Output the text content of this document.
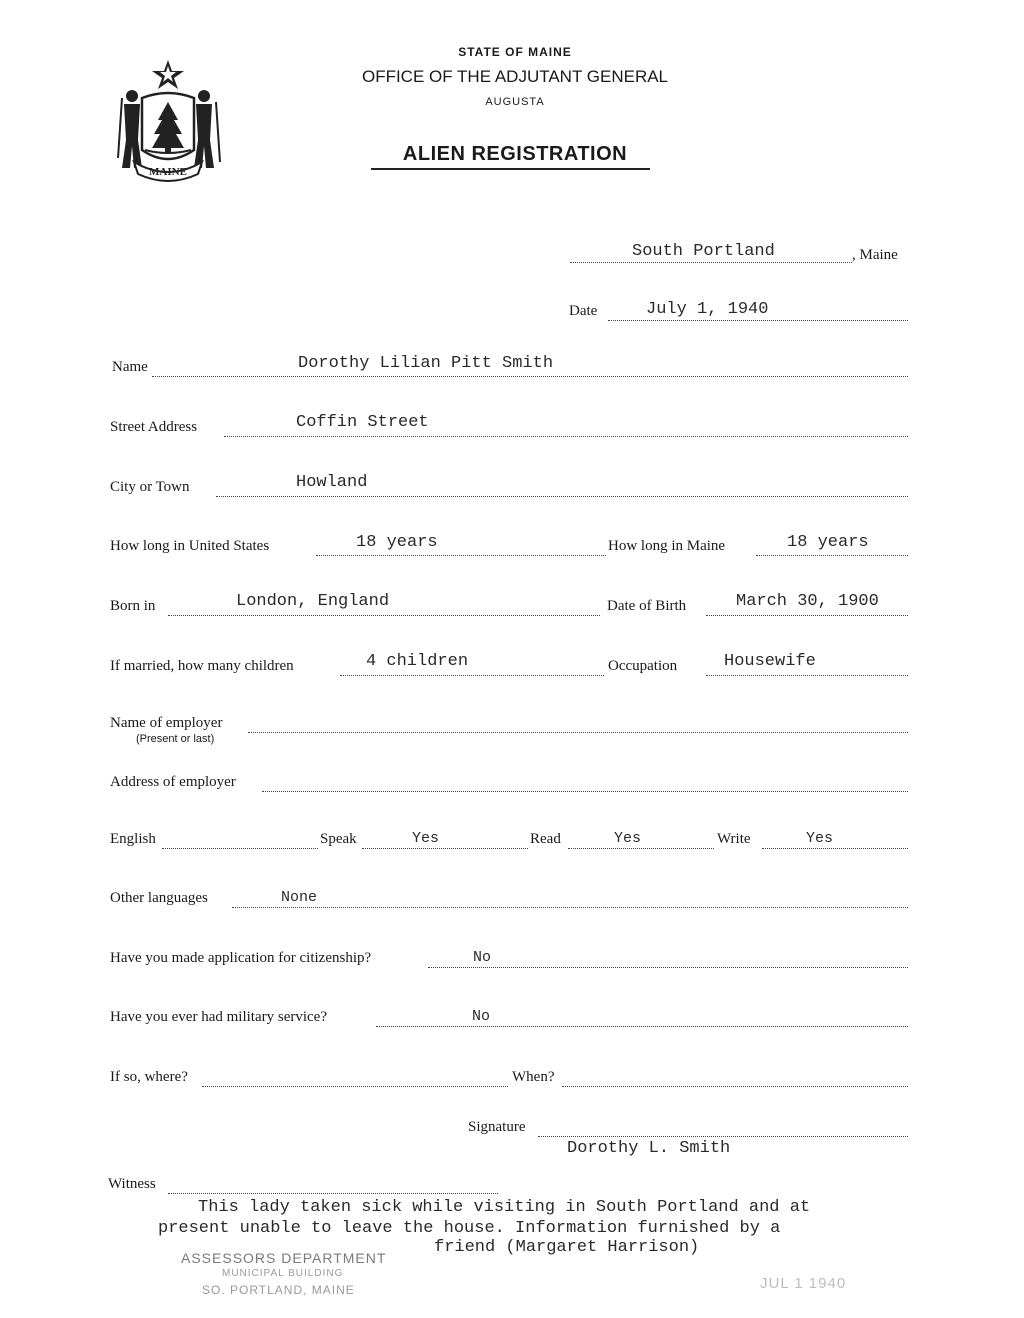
MAINE
STATE OF MAINE
OFFICE OF THE ADJUTANT GENERAL
AUGUSTA
ALIEN REGISTRATION
South Portland	, Maine
Date	July 1, 1940
Name	Dorothy Lilian Pitt Smith
Street Address	Coffin Street
City or Town	Howland
How long in United States	18 years	How long in Maine	18 years
Born in	London, England	Date of Birth	March 30, 1900
If married, how many children	4 children	Occupation	Housewife
Name of employer
(Present or last)
Address of employer
English	Speak	Yes	Read	Yes	Write	Yes
Other languages	None
Have you made application for citizenship?	No
Have you ever had military service?	No
If so, where?	When?
Signature
Dorothy L. Smith
Witness
This lady taken sick while visiting in South Portland and at
present unable to leave the house. Information furnished by a
friend (Margaret Harrison)
ASSESSORS DEPARTMENT
MUNICIPAL BUILDING
SO. PORTLAND, MAINE	JUL 1 1940
